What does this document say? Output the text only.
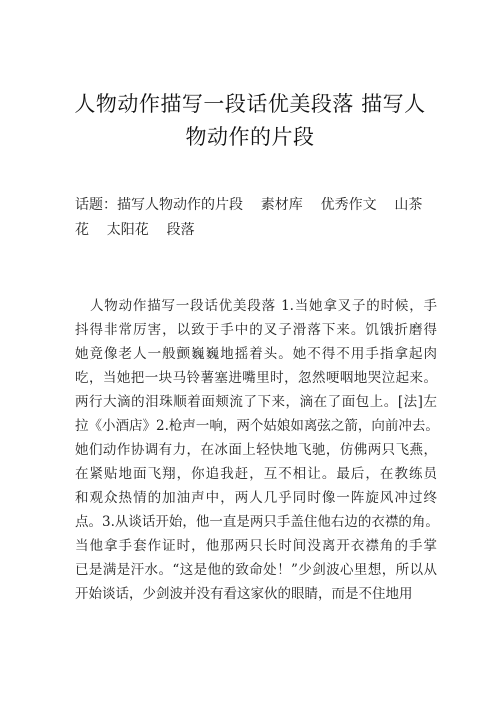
人物动作描写一段话优美段落 描写人
物动作的片段
话题：描写人物动作的片段    素材库    优秀作文    山茶
花    太阳花    段落
人物动作描写一段话优美段落 1.当她拿叉子的时候，手
抖得非常厉害，以致于手中的叉子滑落下来。饥饿折磨得
她竟像老人一般颤巍巍地摇着头。她不得不用手指拿起肉
吃，当她把一块马铃薯塞进嘴里时，忽然哽咽地哭泣起来。
两行大滴的泪珠顺着面颊流了下来，滴在了面包上。[法]左
拉《小酒店》2.枪声一响，两个姑娘如离弦之箭，向前冲去。
她们动作协调有力，在冰面上轻快地飞驰，仿佛两只飞燕，
在紧贴地面飞翔，你追我赶，互不相让。最后，在教练员
和观众热情的加油声中，两人几乎同时像一阵旋风冲过终
点。3.从谈话开始，他一直是两只手盖住他右边的衣襟的角。
当他拿手套作证时，他那两只长时间没离开衣襟角的手掌
已是满是汗水。“这是他的致命处！”少剑波心里想，所以从
开始谈话，少剑波并没有看这家伙的眼睛，而是不住地用
